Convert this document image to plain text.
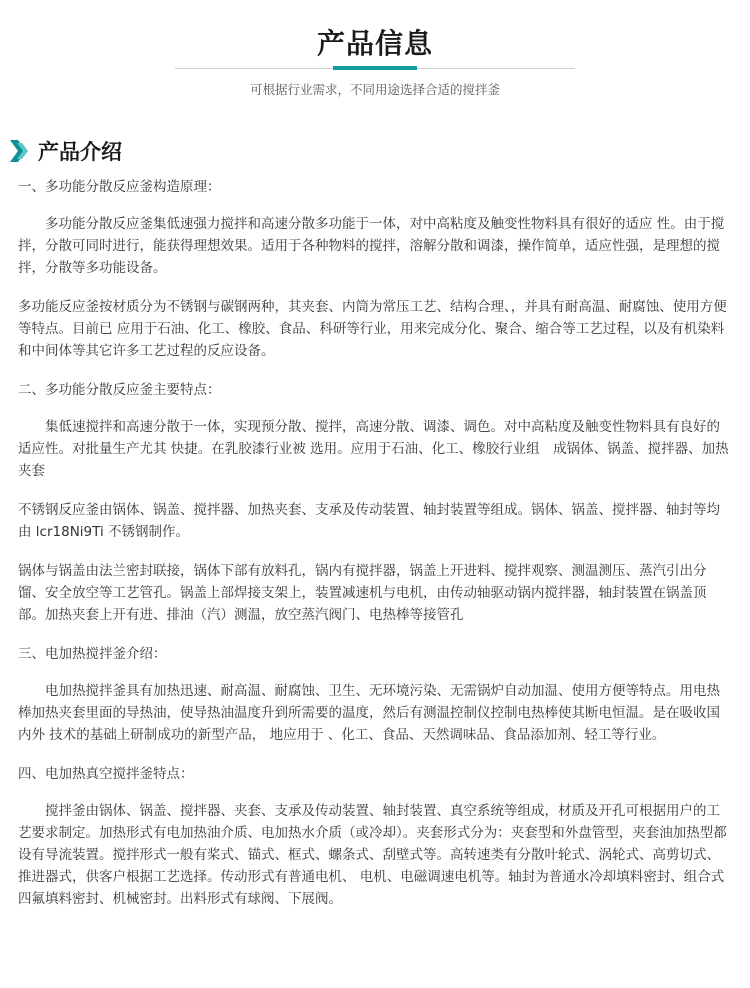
产品信息
可根据行业需求，不同用途选择合适的搅拌釜
产品介绍

一、多功能分散反应釜构造原理：

多功能分散反应釜集低速强力搅拌和高速分散多功能于一体，对中高粘度及触变性物料具有很好的适应 性。由于搅拌，分散可同时进行，能获得理想效果。适用于各种物料的搅拌，溶解分散和调漆，操作简单，适应性强，是理想的搅拌，分散等多功能设备。

多功能反应釜按材质分为不锈钢与碳钢两种，其夹套、内筒为常压工艺、结构合理、，并具有耐高温、耐腐蚀、使用方便等特点。目前已 应用于石油、化工、橡胶、食品、科研等行业，用来完成分化、聚合、缩合等工艺过程，以及有机染料和中间体等其它许多工艺过程的反应设备。

二、多功能分散反应釜主要特点：

集低速搅拌和高速分散于一体，实现预分散、搅拌，高速分散、调漆、调色。对中高粘度及触变性物料具有良好的适应性。对批量生产尤其 快捷。在乳胶漆行业被 选用。应用于石油、化工、橡胶行业组　成锅体、锅盖、搅拌器、加热夹套

不锈钢反应釜由锅体、锅盖、搅拌器、加热夹套、支承及传动装置、轴封装置等组成。锅体、锅盖、搅拌器、轴封等均由 lcr18Ni9Ti 不锈钢制作。

锅体与锅盖由法兰密封联接，锅体下部有放料孔，锅内有搅拌器，锅盖上开进料、搅拌观察、测温测压、蒸汽引出分馏、安全放空等工艺管孔。锅盖上部焊接支架上，装置减速机与电机，由传动轴驱动锅内搅拌器，轴封装置在锅盖顶部。加热夹套上开有进、排油（汽）测温，放空蒸汽阀门、电热棒等接管孔

三、电加热搅拌釜介绍：

电加热搅拌釜具有加热迅速、耐高温、耐腐蚀、卫生、无环境污染、无需锅炉自动加温、使用方便等特点。用电热棒加热夹套里面的导热油，使导热油温度升到所需要的温度，然后有测温控制仪控制电热棒使其断电恒温。是在吸收国内外 技术的基础上研制成功的新型产品， 地应用于 、化工、食品、天然调味品、食品添加剂、轻工等行业。

四、电加热真空搅拌釜特点：

搅拌釜由锅体、锅盖、搅拌器、夹套、支承及传动装置、轴封装置、真空系统等组成，材质及开孔可根据用户的工艺要求制定。加热形式有电加热油介质、电加热水介质（或冷却）。夹套形式分为：夹套型和外盘管型，夹套油加热型都设有导流装置。搅拌形式一般有桨式、锚式、框式、螺条式、刮壁式等。高转速类有分散叶轮式、涡轮式、高剪切式、推进器式，供客户根据工艺选择。传动形式有普通电机、 电机、电磁调速电机等。轴封为普通水冷却填料密封、组合式四氟填料密封、机械密封。出料形式有球阀、下展阀。
